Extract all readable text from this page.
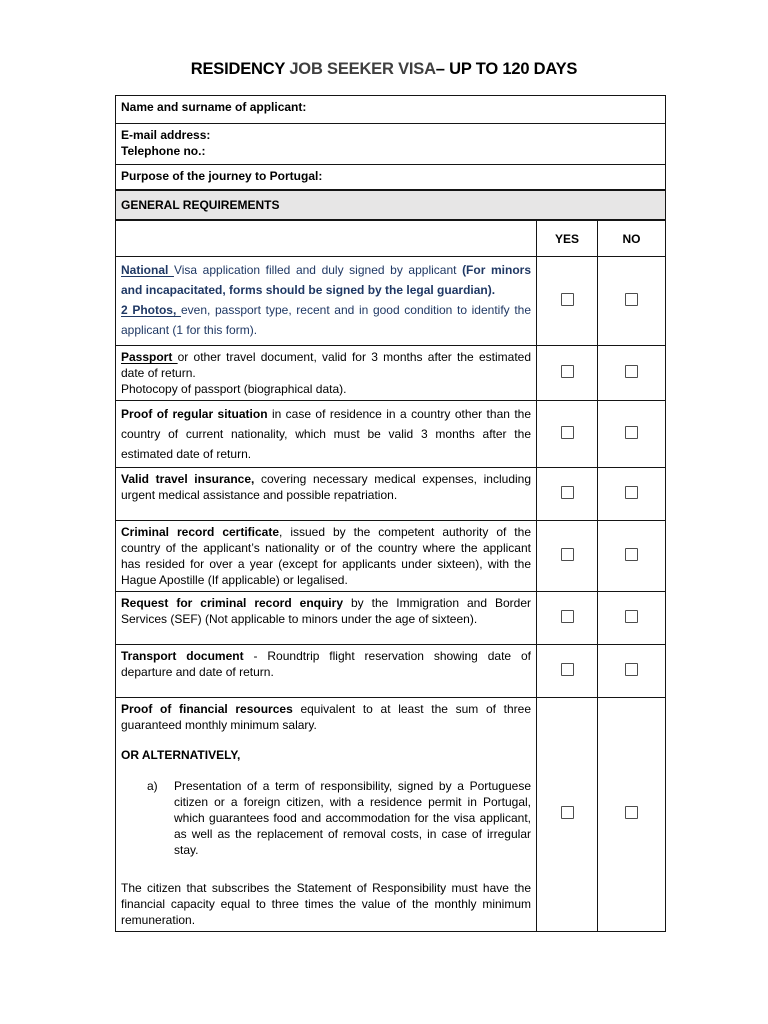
RESIDENCY JOB SEEKER VISA– UP TO 120 DAYS
Name and surname of applicant:

E-mail address:
Telephone no.:

Purpose of the journey to Portugal:
GENERAL REQUIREMENTS
	YES	NO

National Visa application filled and duly signed by applicant (For minors and incapacitated, forms should be signed by the legal guardian).
2 Photos, even, passport type, recent and in good condition to identify the applicant (1 for this form).		

Passport or other travel document, valid for 3 months after the estimated date of return.
Photocopy of passport (biographical data).		

Proof of regular situation in case of residence in a country other than the country of current nationality, which must be valid 3 months after the estimated date of return.		

Valid travel insurance, covering necessary medical expenses, including urgent medical assistance and possible repatriation.		

Criminal record certificate, issued by the competent authority of the country of the applicant’s nationality or of the country where the applicant has resided for over a year (except for applicants under sixteen), with the Hague Apostille (If applicable) or legalised.		

Request for criminal record enquiry by the Immigration and Border Services (SEF) (Not applicable to minors under the age of sixteen).		

Transport document - Roundtrip flight reservation showing date of departure and date of return.		

Proof of financial resources equivalent to at least the sum of three guaranteed monthly minimum salary.
OR ALTERNATIVELY,
a) Presentation of a term of responsibility, signed by a Portuguese citizen or a foreign citizen, with a residence permit in Portugal, which guarantees food and accommodation for the visa applicant, as well as the replacement of removal costs, in case of irregular stay.
The citizen that subscribes the Statement of Responsibility must have the financial capacity equal to three times the value of the monthly minimum remuneration.		
